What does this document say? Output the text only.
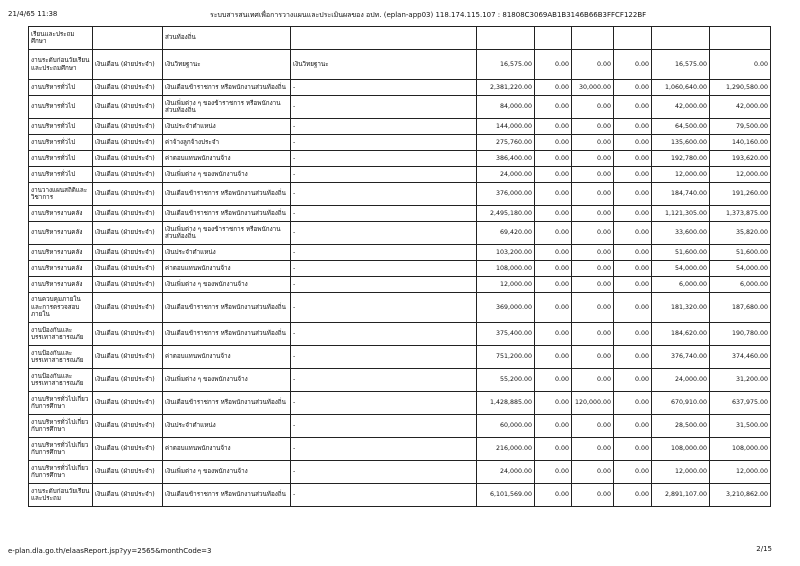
21/4/65 11:38	ระบบสารสนเทศเพื่อการวางแผนและประเมินผลของ อปท. (eplan-app03) 118.174.115.107 : 81808C3069AB1B3146B66B3FFCF122BF
เรียนและประถมศึกษา		ส่วนท้องถิ่น							
งานระดับก่อนวัยเรียนและประถมศึกษา	เงินเดือน (ฝ่ายประจำ)	เงินวิทยฐานะ	เงินวิทยฐานะ	16,575.00	0.00	0.00	0.00	16,575.00	0.00
งานบริหารทั่วไป	เงินเดือน (ฝ่ายประจำ)	เงินเดือนข้าราชการ หรือพนักงานส่วนท้องถิ่น	-	2,381,220.00	0.00	30,000.00	0.00	1,060,640.00	1,290,580.00
งานบริหารทั่วไป	เงินเดือน (ฝ่ายประจำ)	เงินเพิ่มต่าง ๆ ของข้าราชการ หรือพนักงานส่วนท้องถิ่น	-	84,000.00	0.00	0.00	0.00	42,000.00	42,000.00
งานบริหารทั่วไป	เงินเดือน (ฝ่ายประจำ)	เงินประจำตำแหน่ง	-	144,000.00	0.00	0.00	0.00	64,500.00	79,500.00
งานบริหารทั่วไป	เงินเดือน (ฝ่ายประจำ)	ค่าจ้างลูกจ้างประจำ	-	275,760.00	0.00	0.00	0.00	135,600.00	140,160.00
งานบริหารทั่วไป	เงินเดือน (ฝ่ายประจำ)	ค่าตอบแทนพนักงานจ้าง	-	386,400.00	0.00	0.00	0.00	192,780.00	193,620.00
งานบริหารทั่วไป	เงินเดือน (ฝ่ายประจำ)	เงินเพิ่มต่าง ๆ ของพนักงานจ้าง	-	24,000.00	0.00	0.00	0.00	12,000.00	12,000.00
งานวางแผนสถิติและวิชาการ	เงินเดือน (ฝ่ายประจำ)	เงินเดือนข้าราชการ หรือพนักงานส่วนท้องถิ่น	-	376,000.00	0.00	0.00	0.00	184,740.00	191,260.00
งานบริหารงานคลัง	เงินเดือน (ฝ่ายประจำ)	เงินเดือนข้าราชการ หรือพนักงานส่วนท้องถิ่น	-	2,495,180.00	0.00	0.00	0.00	1,121,305.00	1,373,875.00
งานบริหารงานคลัง	เงินเดือน (ฝ่ายประจำ)	เงินเพิ่มต่าง ๆ ของข้าราชการ หรือพนักงานส่วนท้องถิ่น	-	69,420.00	0.00	0.00	0.00	33,600.00	35,820.00
งานบริหารงานคลัง	เงินเดือน (ฝ่ายประจำ)	เงินประจำตำแหน่ง	-	103,200.00	0.00	0.00	0.00	51,600.00	51,600.00
งานบริหารงานคลัง	เงินเดือน (ฝ่ายประจำ)	ค่าตอบแทนพนักงานจ้าง	-	108,000.00	0.00	0.00	0.00	54,000.00	54,000.00
งานบริหารงานคลัง	เงินเดือน (ฝ่ายประจำ)	เงินเพิ่มต่าง ๆ ของพนักงานจ้าง	-	12,000.00	0.00	0.00	0.00	6,000.00	6,000.00
งานควบคุมภายในและการตรวจสอบภายใน	เงินเดือน (ฝ่ายประจำ)	เงินเดือนข้าราชการ หรือพนักงานส่วนท้องถิ่น	-	369,000.00	0.00	0.00	0.00	181,320.00	187,680.00
งานป้องกันและบรรเทาสาธารณภัย	เงินเดือน (ฝ่ายประจำ)	เงินเดือนข้าราชการ หรือพนักงานส่วนท้องถิ่น	-	375,400.00	0.00	0.00	0.00	184,620.00	190,780.00
งานป้องกันและบรรเทาสาธารณภัย	เงินเดือน (ฝ่ายประจำ)	ค่าตอบแทนพนักงานจ้าง	-	751,200.00	0.00	0.00	0.00	376,740.00	374,460.00
งานป้องกันและบรรเทาสาธารณภัย	เงินเดือน (ฝ่ายประจำ)	เงินเพิ่มต่าง ๆ ของพนักงานจ้าง	-	55,200.00	0.00	0.00	0.00	24,000.00	31,200.00
งานบริหารทั่วไปเกี่ยวกับการศึกษา	เงินเดือน (ฝ่ายประจำ)	เงินเดือนข้าราชการ หรือพนักงานส่วนท้องถิ่น	-	1,428,885.00	0.00	120,000.00	0.00	670,910.00	637,975.00
งานบริหารทั่วไปเกี่ยวกับการศึกษา	เงินเดือน (ฝ่ายประจำ)	เงินประจำตำแหน่ง	-	60,000.00	0.00	0.00	0.00	28,500.00	31,500.00
งานบริหารทั่วไปเกี่ยวกับการศึกษา	เงินเดือน (ฝ่ายประจำ)	ค่าตอบแทนพนักงานจ้าง	-	216,000.00	0.00	0.00	0.00	108,000.00	108,000.00
งานบริหารทั่วไปเกี่ยวกับการศึกษา	เงินเดือน (ฝ่ายประจำ)	เงินเพิ่มต่าง ๆ ของพนักงานจ้าง	-	24,000.00	0.00	0.00	0.00	12,000.00	12,000.00
งานระดับก่อนวัยเรียนและประถม	เงินเดือน (ฝ่ายประจำ)	เงินเดือนข้าราชการ หรือพนักงานส่วนท้องถิ่น	-	6,101,569.00	0.00	0.00	0.00	2,891,107.00	3,210,862.00
e-plan.dla.go.th/elaasReport.jsp?yy=2565&monthCode=3	2/15
